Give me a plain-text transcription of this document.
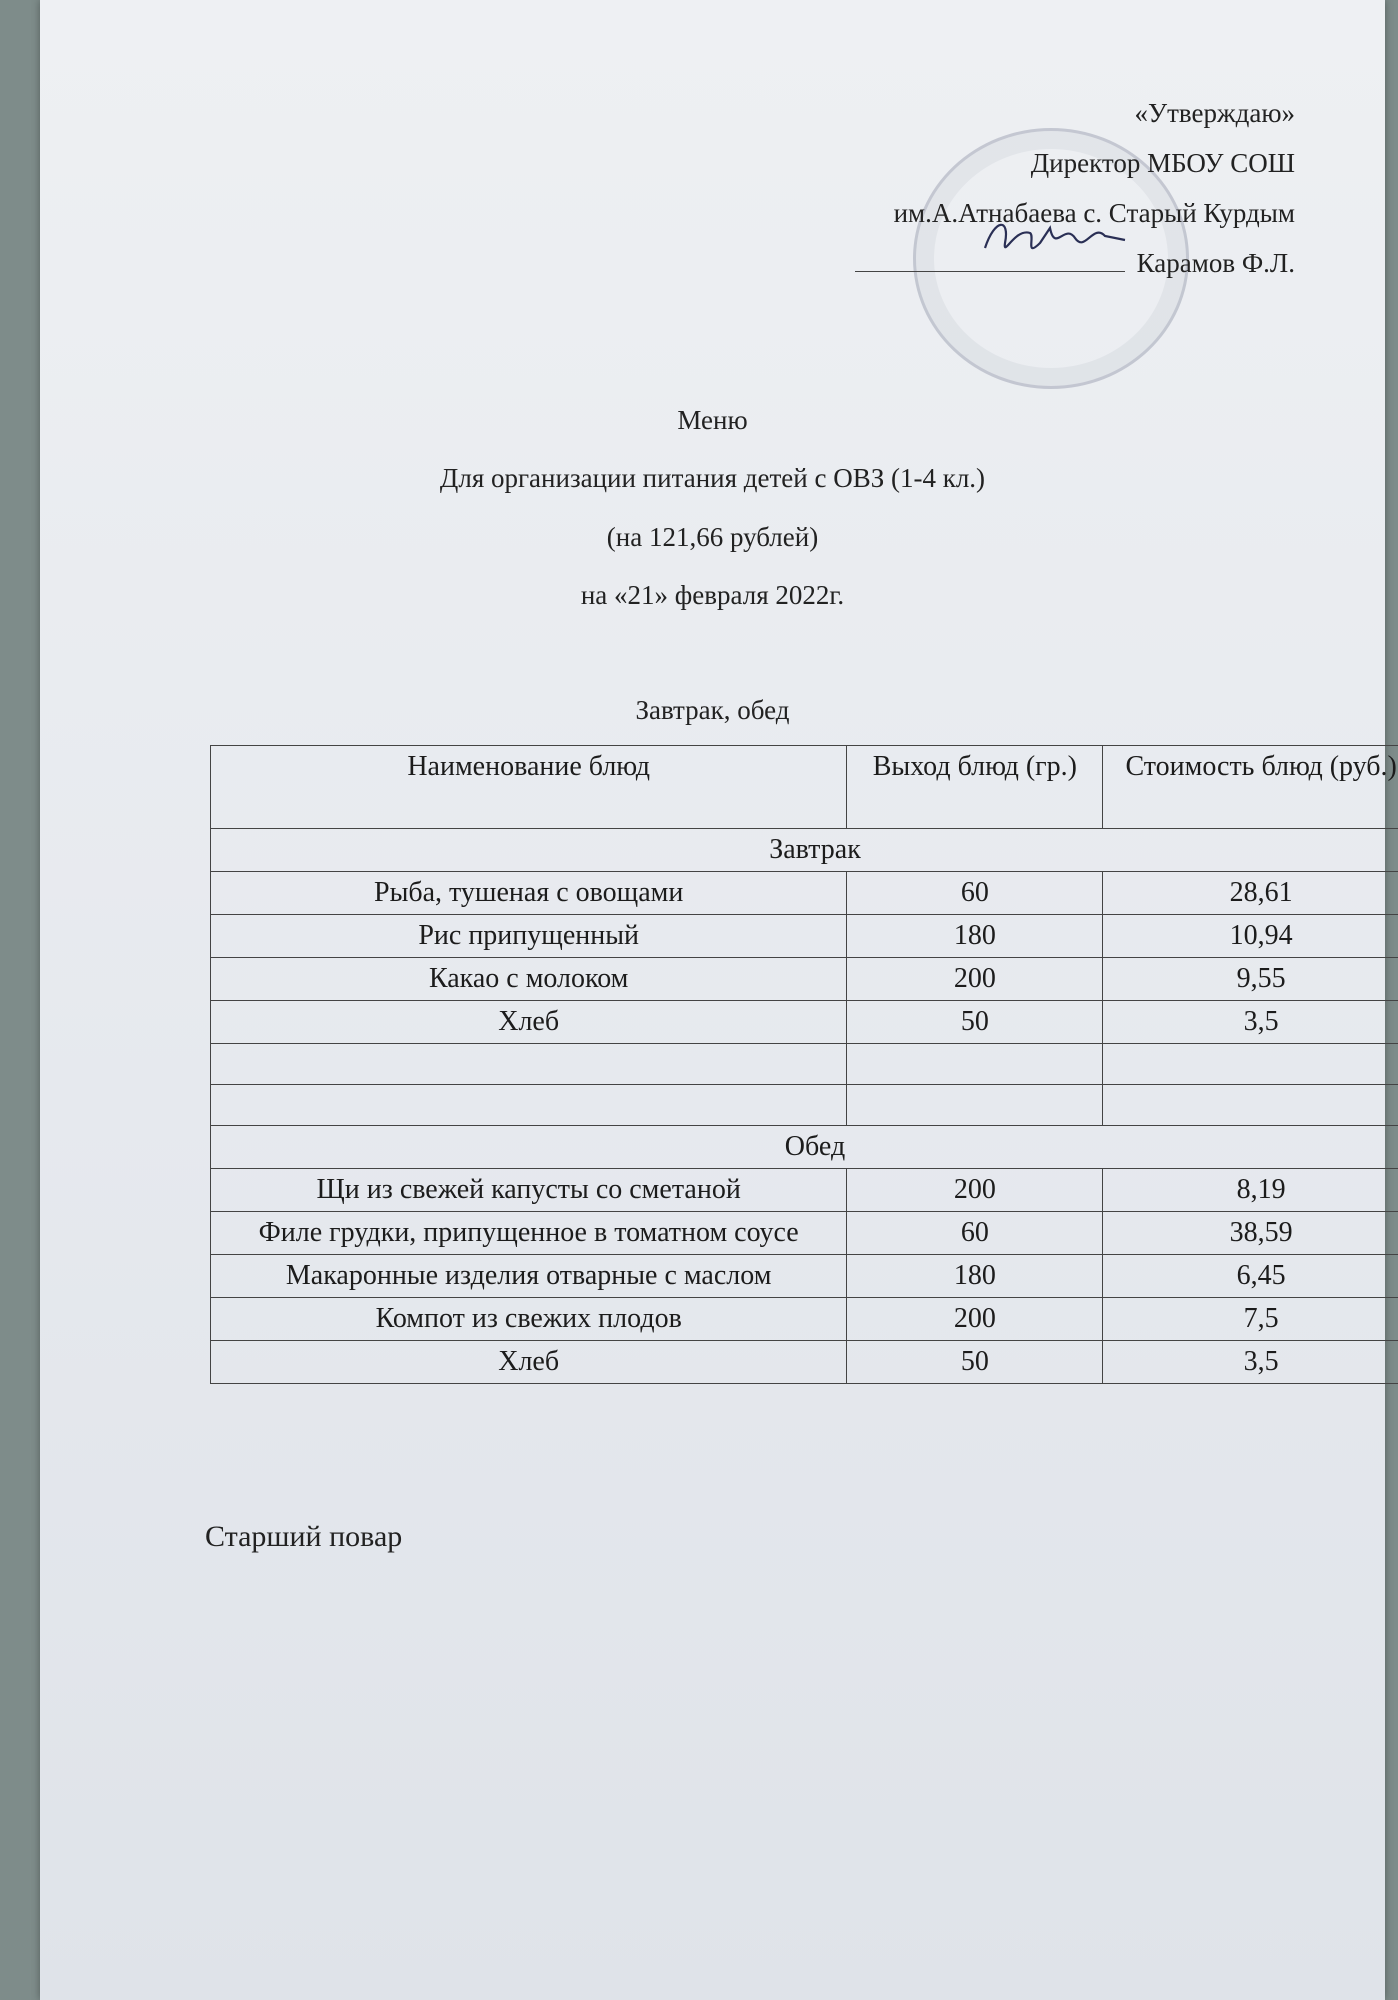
«Утверждаю»
Директор МБОУ СОШ
им.А.Атнабаева с. Старый Курдым
Карамов Ф.Л.
Меню
Для организации питания детей с ОВЗ (1-4 кл.)
(на 121,66 рублей)
на «21» февраля 2022г.
Завтрак, обед
Наименование блюд	Выход блюд (гр.)	Стоимость блюд (руб.)
Завтрак		
Рыба, тушеная с овощами	60	28,61
Рис припущенный	180	10,94
Какао с молоком	200	9,55
Хлеб	50	3,5

Обед		
Щи из свежей капусты со сметаной	200	8,19
Филе грудки, припущенное в томатном соусе	60	38,59
Макаронные изделия отварные с маслом	180	6,45
Компот из свежих плодов	200	7,5
Хлеб	50	3,5
Старший повар
